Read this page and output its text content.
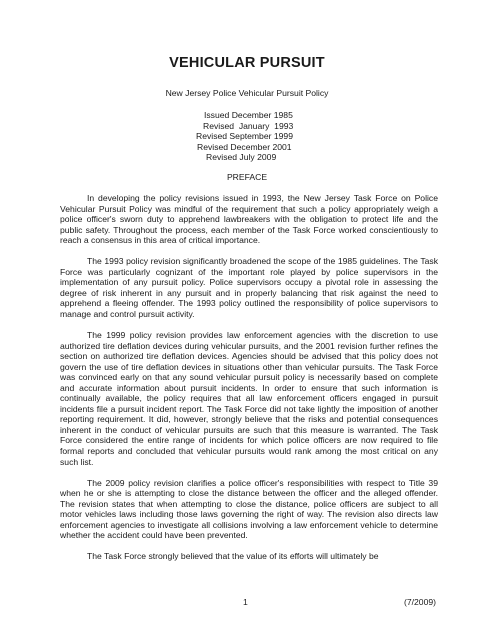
VEHICULAR PURSUIT
New Jersey Police Vehicular Pursuit Policy
Issued December 1985
Revised  January  1993
Revised September 1999
Revised December 2001
Revised July 2009
PREFACE

In developing the policy revisions issued in 1993, the New Jersey Task Force on Police Vehicular Pursuit Policy was mindful of the requirement that such a policy appropriately weigh a police officer's sworn duty to apprehend lawbreakers with the obligation to protect life and the public safety. Throughout the process, each member of the Task Force worked conscientiously to reach a consensus in this area of critical importance.

The 1993 policy revision significantly broadened the scope of the 1985 guidelines. The Task Force was particularly cognizant of the important role played by police supervisors in the implementation of any pursuit policy. Police supervisors occupy a pivotal role in assessing the degree of risk inherent in any pursuit and in properly balancing that risk against the need to apprehend a fleeing offender. The 1993 policy outlined the responsibility of police supervisors to manage and control pursuit activity.

The 1999 policy revision provides law enforcement agencies with the discretion to use authorized tire deflation devices during vehicular pursuits, and the 2001 revision further refines the section on authorized tire deflation devices. Agencies should be advised that this policy does not govern the use of tire deflation devices in situations other than vehicular pursuits. The Task Force was convinced early on that any sound vehicular pursuit policy is necessarily based on complete and accurate information about pursuit incidents. In order to ensure that such information is continually available, the policy requires that all law enforcement officers engaged in pursuit incidents file a pursuit incident report. The Task Force did not take lightly the imposition of another reporting requirement. It did, however, strongly believe that the risks and potential consequences inherent in the conduct of vehicular pursuits are such that this measure is warranted. The Task Force considered the entire range of incidents for which police officers are now required to file formal reports and concluded that vehicular pursuits would rank among the most critical on any such list.

The 2009 policy revision clarifies a police officer's responsibilities with respect to Title 39 when he or she is attempting to close the distance between the officer and the alleged offender. The revision states that when attempting to close the distance, police officers are subject to all motor vehicles laws including those laws governing the right of way. The revision also directs law enforcement agencies to investigate all collisions involving a law enforcement vehicle to determine whether the accident could have been prevented.

The Task Force strongly believed that the value of its efforts will ultimately be

1	(7/2009)
